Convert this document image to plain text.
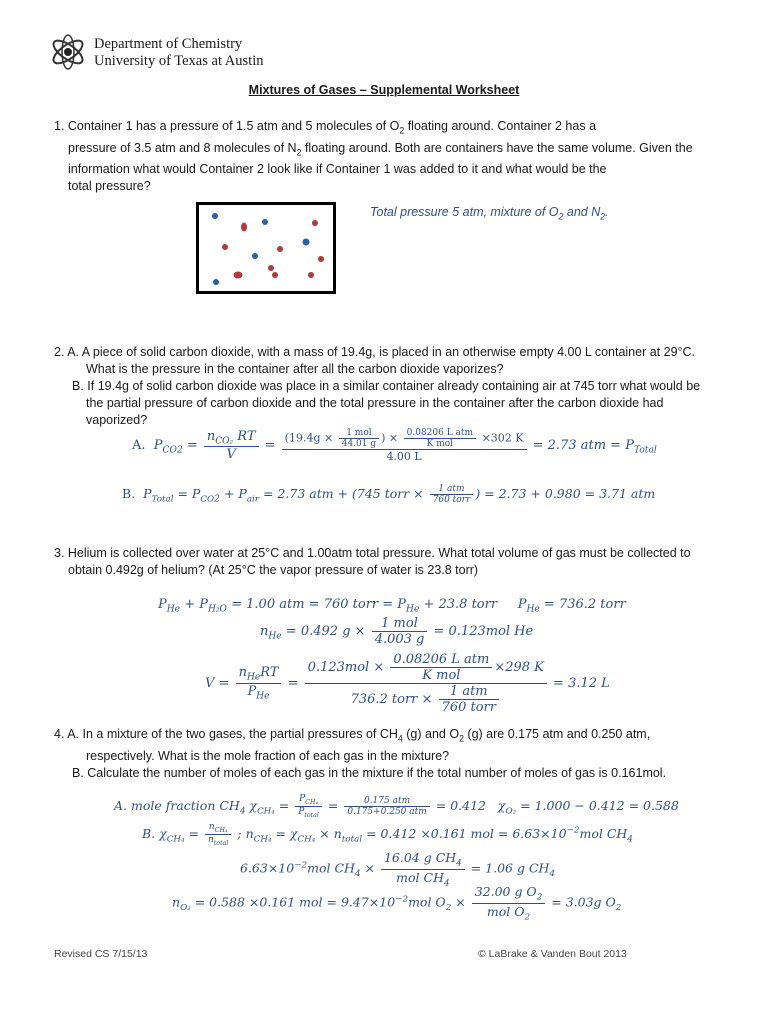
Department of Chemistry
University of Texas at Austin
Mixtures of Gases – Supplemental Worksheet
1. Container 1 has a pressure of 1.5 atm and 5 molecules of $O_2$ floating around. Container 2 has a
pressure of 3.5 atm and 8 molecules of $N_2$ floating around. Both are containers have the same volume. Given the
information what would Container 2 look like if Container 1 was added to it and what would be the
total pressure?
Total pressure 5 atm, mixture of $O_2$ and $N_2$.
2. A. A piece of solid carbon dioxide, with a mass of 19.4g, is placed in an otherwise empty 4.00 L container at 29°C.
What is the pressure in the container after all the carbon dioxide vaporizes?
B. If 19.4g of solid carbon dioxide was place in a similar container already containing air at 745 torr what would be
the partial pressure of carbon dioxide and the total pressure in the container after the carbon dioxide had
vaporized?
A. $P_{CO2} = \frac{n_{CO_2} RT}{V} = \frac{(19.4g \times \frac{\text{1 mol}}{44.01 g} ) \times \frac{\text{0.08206 L atm}}{\text{K mol}} \times 302 K}{4.00 L} = 2.73$ atm = $P_{Total}$
B. $P_{Total} = P_{CO2} + P_{air} = 2.73$ atm + (745 torr × $\frac{\text{1 atm}}{\text{760 torr}}$ ) = 2.73 + 0.980 = 3.71 atm
3. Helium is collected over water at 25°C and 1.00atm total pressure. What total volume of gas must be collected to
obtain 0.492g of helium? (At 25°C the vapor pressure of water is 23.8 torr)
$P_{He} + P_{H_2O} = 1.00$ atm = 760 torr = $P_{He} + 23.8$ torr $P_{He} = 736.2$ torr
$n_{He} = 0.492$ $g \times \frac{\text{1 mol}}{4.003 g} = 0.123mol$ He
$V = \frac{n_{He}RT}{P_{He}} = \frac{0.123mol \times \frac{\text{0.08206 L atm}}{\text{K mol}} \times 298 K}{736.2 torr \times \frac{\text{1 atm}}{\text{760 torr}}} = 3.12$ L
4. A. In a mixture of the two gases, the partial pressures of $CH_4$ (g) and $O_2$ (g) are 0.175 atm and 0.250 atm,
respectively. What is the mole fraction of each gas in the mixture?
B. Calculate the number of moles of each gas in the mixture if the total number of moles of gas is 0.161mol.
A. mole fraction $CH_4$ $\chi_{CH_4} = \frac{P_{CH_4}}{P_{total}} = \frac{\text{0.175 atm}}{\text{0.175+0.250 atm}} = 0.412$ $\chi_{O_2} = 1.000 - 0.412 = 0.588$
B. $\chi_{CH_4} = \frac{n_{CH_4}}{n_{total}}$ ; $n_{CH_4} = \chi_{CH_4} \times n_{total} = 0.412 \times 0.161$ mol = $6.63\times 10^{-2}mol$ $CH_4$
$6.63\times 10^{-2}mol$ $CH_4 \times \frac{16.04 g CH_4}{mol CH_4} = 1.06$ g $CH_4$
$n_{O_2} = 0.588 \times 0.161$ mol = $9.47\times 10^{-2}mol$ $O_2 \times \frac{32.00 g O_2}{mol O_2} = 3.03g$ $O_2$
Revised CS 7/15/13	© LaBrake & Vanden Bout 2013
